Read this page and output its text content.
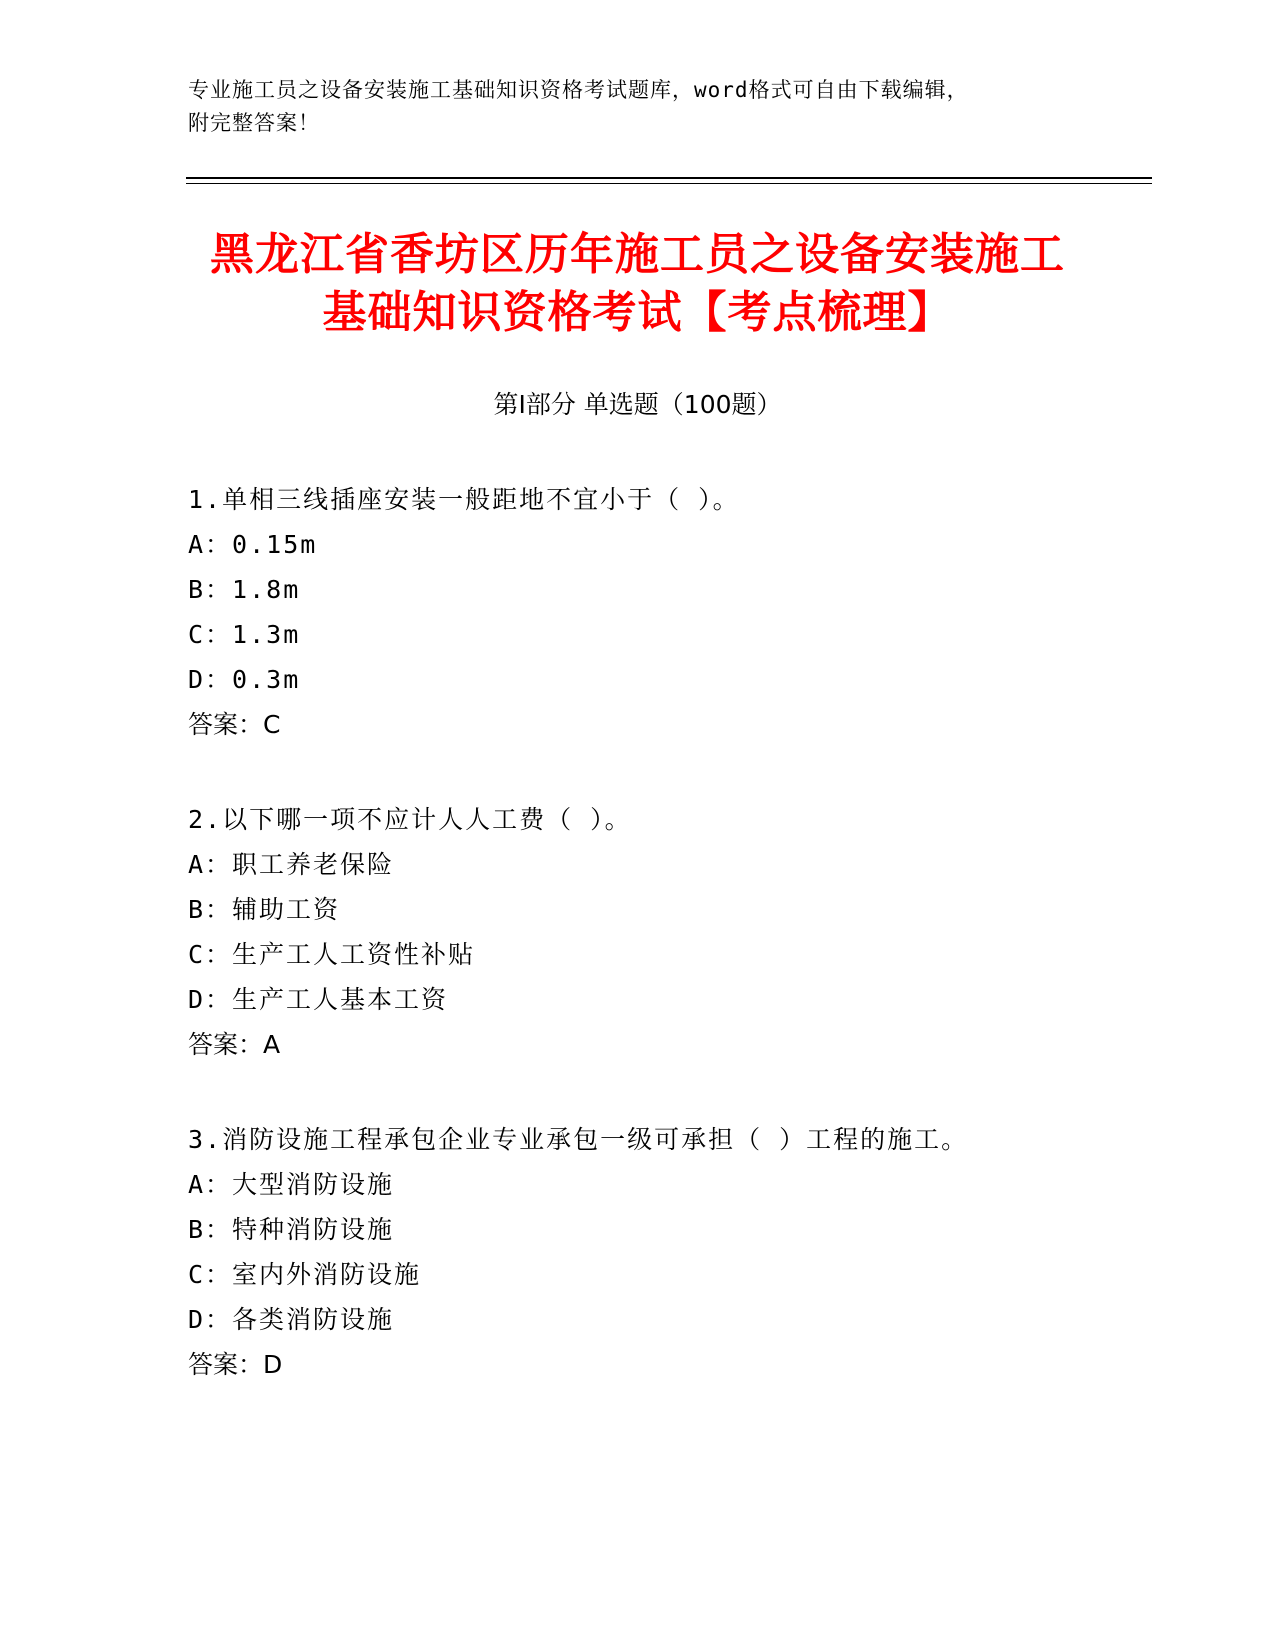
专业施工员之设备安装施工基础知识资格考试题库，word格式可自由下载编辑，
附完整答案！
黑龙江省香坊区历年施工员之设备安装施工
基础知识资格考试【考点梳理】
第Ⅰ部分 单选题（100题）
1.单相三线插座安装一般距地不宜小于（ ）。
A：0.15m
B：1.8m
C：1.3m
D：0.3m
答案：C
2.以下哪一项不应计人人工费（ ）。
A：职工养老保险
B：辅助工资
C：生产工人工资性补贴
D：生产工人基本工资
答案：A
3.消防设施工程承包企业专业承包一级可承担（ ）工程的施工。
A：大型消防设施
B：特种消防设施
C：室内外消防设施
D：各类消防设施
答案：D
